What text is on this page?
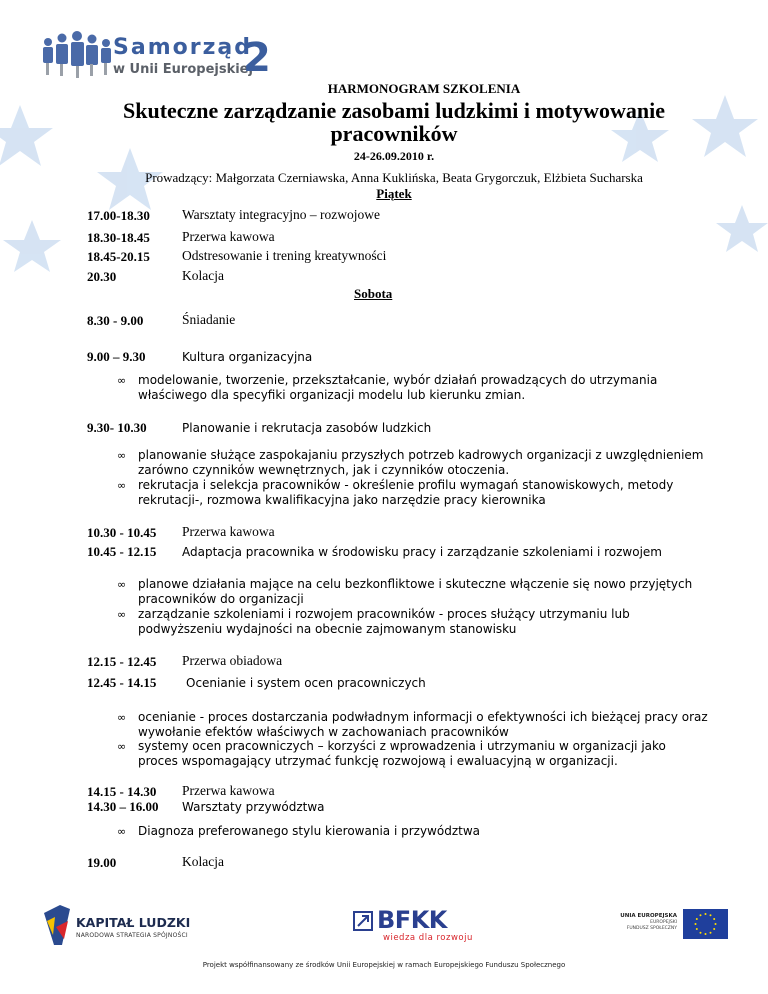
Samorząd
w Unii Europejskiej
2
HARMONOGRAM SZKOLENIA
Skuteczne zarządzanie zasobami ludzkimi i motywowanie
pracowników
24-26.09.2010 r.
Prowadzący: Małgorzata Czerniawska, Anna Kuklińska, Beata Grygorczuk, Elżbieta Sucharska
Piątek
17.00-18.30 Warsztaty integracyjno – rozwojowe
18.30-18.45 Przerwa kawowa
18.45-20.15 Odstresowanie i trening kreatywności
20.30	Kolacja
Sobota
8.30 - 9.00	Śniadanie
9.00 – 9.30	Kultura organizacyjna
∞ modelowanie, tworzenie, przekształcanie, wybór działań prowadzących do utrzymania
właściwego dla specyfiki organizacji modelu lub kierunku zmian.
9.30- 10.30	Planowanie i rekrutacja zasobów ludzkich
∞ planowanie służące zaspokajaniu przyszłych potrzeb kadrowych organizacji z uwzględnieniem
zarówno czynników wewnętrznych, jak i czynników otoczenia.
∞ rekrutacja i selekcja pracowników - określenie profilu wymagań stanowiskowych, metody
rekrutacji-, rozmowa kwalifikacyjna jako narzędzie pracy kierownika
10.30 - 10.45 Przerwa kawowa
10.45 - 12.15 Adaptacja pracownika w środowisku pracy i zarządzanie szkoleniami i rozwojem
∞ planowe działania mające na celu bezkonfliktowe i skuteczne włączenie się nowo przyjętych
pracowników do organizacji
∞ zarządzanie szkoleniami i rozwojem pracowników - proces służący utrzymaniu lub
podwyższeniu wydajności na obecnie zajmowanym stanowisku
12.15 - 12.45 Przerwa obiadowa
12.45 - 14.15 Ocenianie i system ocen pracowniczych
∞ ocenianie - proces dostarczania podwładnym informacji o efektywności ich bieżącej pracy oraz
wywołanie efektów właściwych w zachowaniach pracowników
∞ systemy ocen pracowniczych – korzyści z wprowadzenia i utrzymaniu w organizacji jako
proces wspomagający utrzymać funkcję rozwojową i ewaluacyjną w organizacji.
14.15 - 14.30 Przerwa kawowa
14.30 – 16.00 Warsztaty przywództwa
∞ Diagnoza preferowanego stylu kierowania i przywództwa
19.00	Kolacja
KAPITAŁ LUDZKI
NARODOWA STRATEGIA SPÓJNOŚCI
BFKK
wiedza dla rozwoju
UNIA EUROPEJSKA
EUROPEJSKI
FUNDUSZ SPOŁECZNY
Projekt współfinansowany ze środków Unii Europejskiej w ramach Europejskiego Funduszu Społecznego
